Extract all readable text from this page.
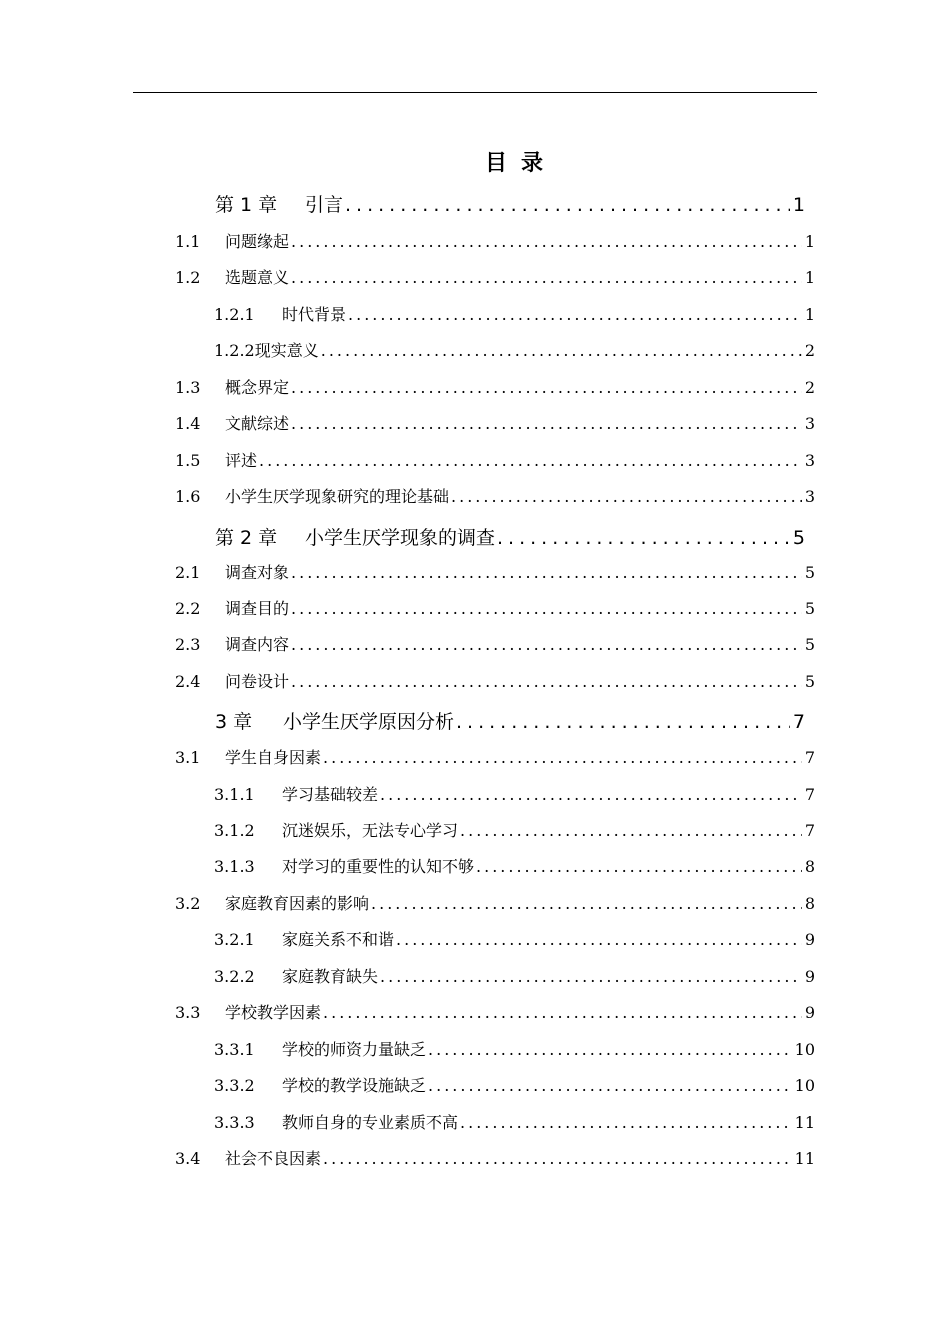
目 录
第 1 章	引言 .....	1
1.1	问题缘起 .....	1
1.2	选题意义 .....	1
1.2.1	时代背景 .....	1
1.2.2 现实意义 .....	2
1.3	概念界定 .....	2
1.4	文献综述 .....	3
1.5	评述 .....	3
1.6	小学生厌学现象研究的理论基础 .....	3
第 2 章	小学生厌学现象的调查 .....	5
2.1	调查对象 .....	5
2.2	调查目的 .....	5
2.3	调查内容 .....	5
2.4	问卷设计 .....	5
3 章	小学生厌学原因分析 .....	7
3.1	学生自身因素 .....	7
3.1.1	学习基础较差 .....	7
3.1.2	沉迷娱乐，无法专心学习 .....	7
3.1.3	对学习的重要性的认知不够 .....	8
3.2	家庭教育因素的影响 .....	8
3.2.1	家庭关系不和谐 .....	9
3.2.2	家庭教育缺失 .....	9
3.3	学校教学因素 .....	9
3.3.1	学校的师资力量缺乏 .....	10
3.3.2	学校的教学设施缺乏 .....	10
3.3.3	教师自身的专业素质不高 .....	11
3.4	社会不良因素 .....	11
